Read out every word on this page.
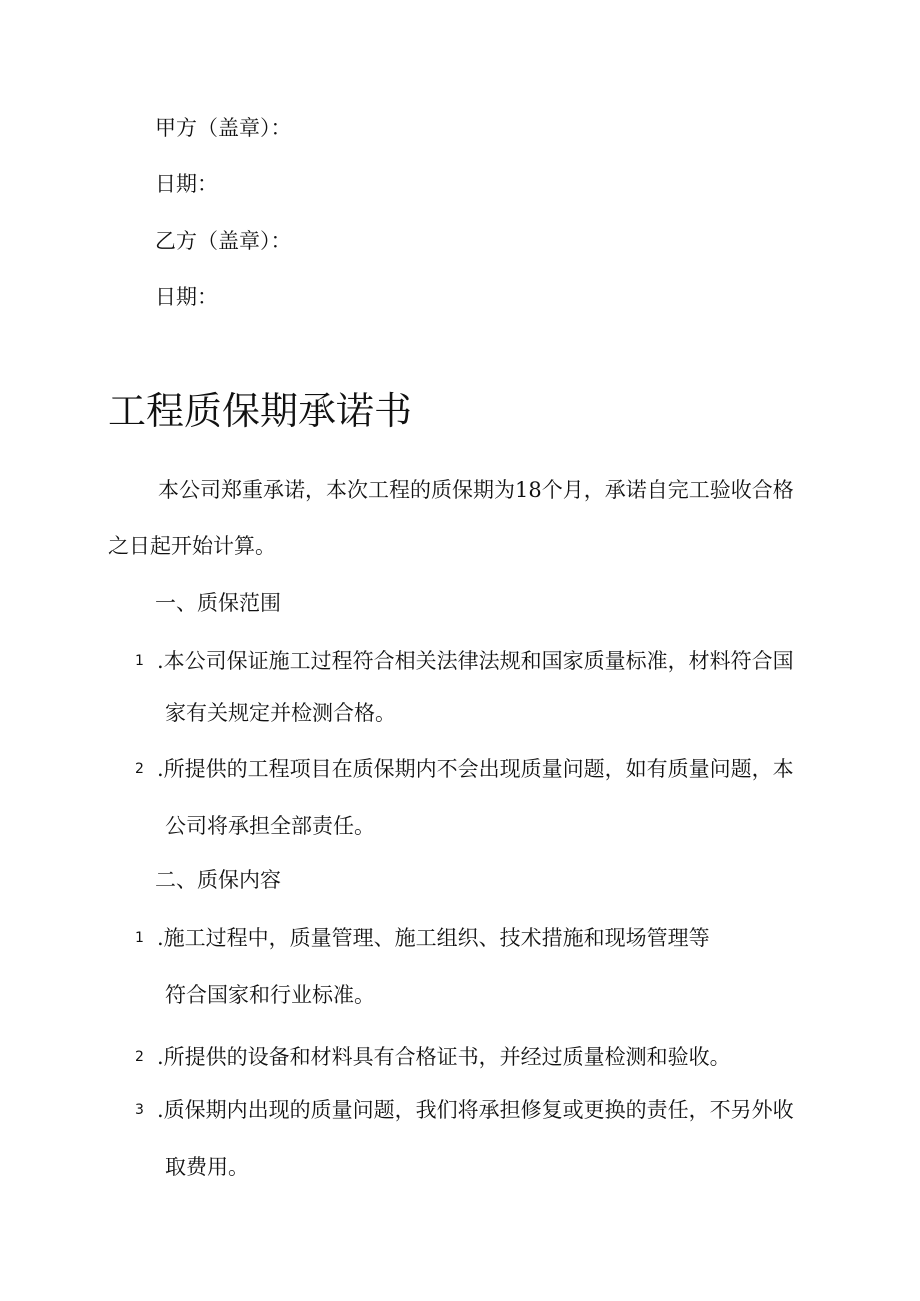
甲方（盖章）：
日期：
乙方（盖章）：
日期：
工程质保期承诺书
本公司郑重承诺，本次工程的质保期为18个月，承诺自完工验收合格
之日起开始计算。
一、质保范围
1 .本公司保证施工过程符合相关法律法规和国家质量标准，材料符合国
家有关规定并检测合格。
2 .所提供的工程项目在质保期内不会出现质量问题，如有质量问题，本
公司将承担全部责任。
二、质保内容
1 .施工过程中，质量管理、施工组织、技术措施和现场管理等
符合国家和行业标准。
2 .所提供的设备和材料具有合格证书，并经过质量检测和验收。
3 .质保期内出现的质量问题，我们将承担修复或更换的责任，不另外收
取费用。
